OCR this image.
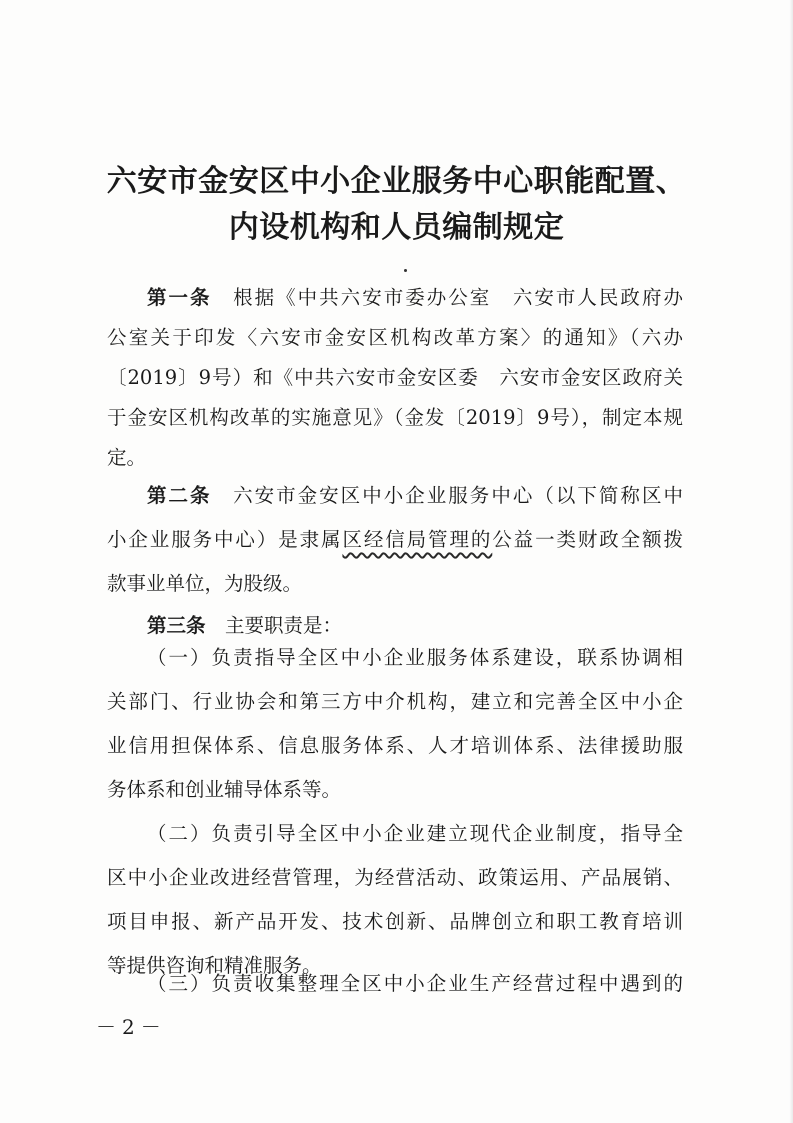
六安市金安区中小企业服务中心职能配置、
内设机构和人员编制规定
第一条　根据《中共六安市委办公室　六安市人民政府办
公室关于印发〈六安市金安区机构改革方案〉的通知》（六办
〔2019〕9号）和《中共六安市金安区委　六安市金安区政府关
于金安区机构改革的实施意见》（金发〔2019〕9号），制定本规
定。
第二条　六安市金安区中小企业服务中心（以下简称区中
小企业服务中心）是隶属区经信局管理的公益一类财政全额拨
款事业单位，为股级。
第三条　主要职责是：
（一）负责指导全区中小企业服务体系建设，联系协调相
关部门、行业协会和第三方中介机构，建立和完善全区中小企
业信用担保体系、信息服务体系、人才培训体系、法律援助服
务体系和创业辅导体系等。
（二）负责引导全区中小企业建立现代企业制度，指导全
区中小企业改进经营管理，为经营活动、政策运用、产品展销、
项目申报、新产品开发、技术创新、品牌创立和职工教育培训
等提供咨询和精准服务。
（三）负责收集整理全区中小企业生产经营过程中遇到的
－2－
